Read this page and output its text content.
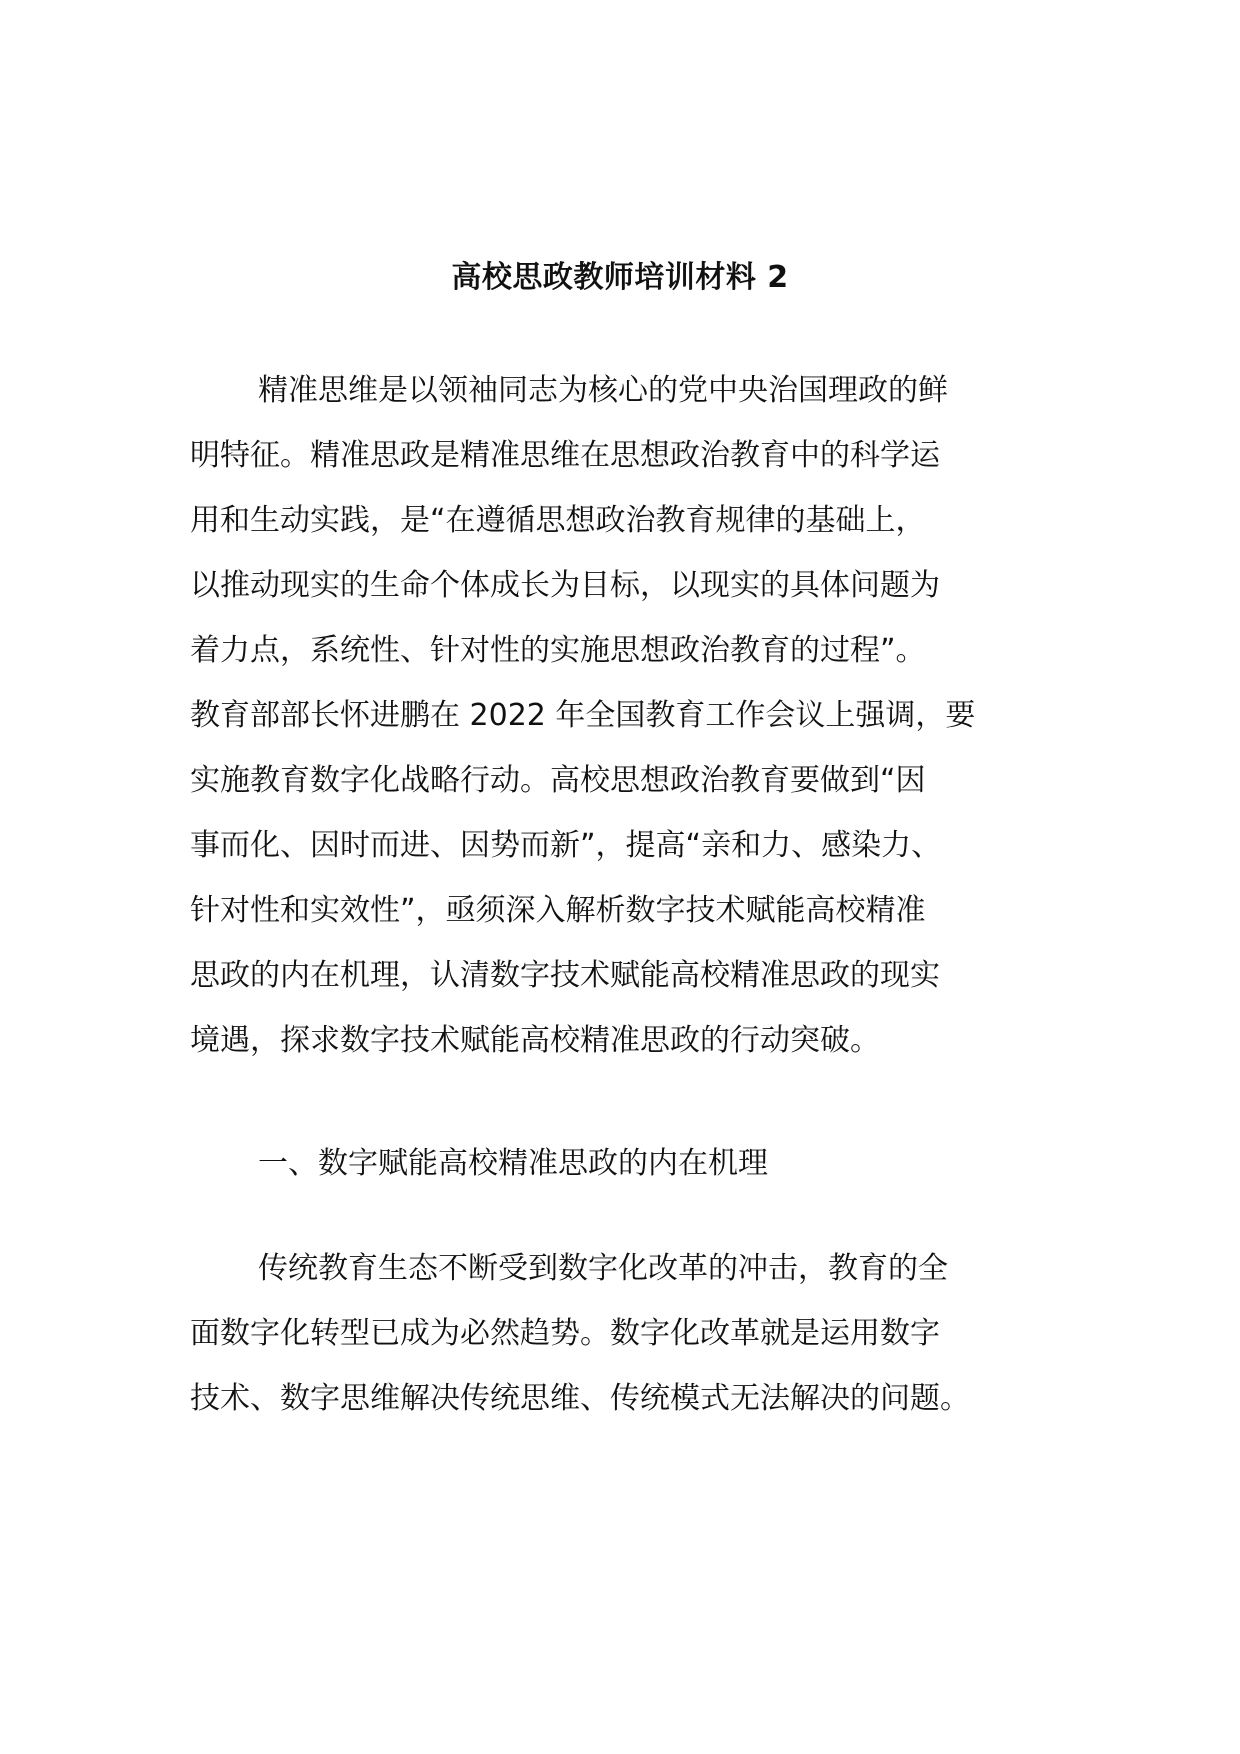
高校思政教师培训材料 2
精准思维是以领袖同志为核心的党中央治国理政的鲜
明特征。精准思政是精准思维在思想政治教育中的科学运
用和生动实践，是“在遵循思想政治教育规律的基础上，
以推动现实的生命个体成长为目标，以现实的具体问题为
着力点，系统性、针对性的实施思想政治教育的过程”。
教育部部长怀进鹏在 2022 年全国教育工作会议上强调，要
实施教育数字化战略行动。高校思想政治教育要做到“因
事而化、因时而进、因势而新”，提高“亲和力、感染力、
针对性和实效性”，亟须深入解析数字技术赋能高校精准
思政的内在机理，认清数字技术赋能高校精准思政的现实
境遇，探求数字技术赋能高校精准思政的行动突破。
一、数字赋能高校精准思政的内在机理
传统教育生态不断受到数字化改革的冲击，教育的全
面数字化转型已成为必然趋势。数字化改革就是运用数字
技术、数字思维解决传统思维、传统模式无法解决的问题。
